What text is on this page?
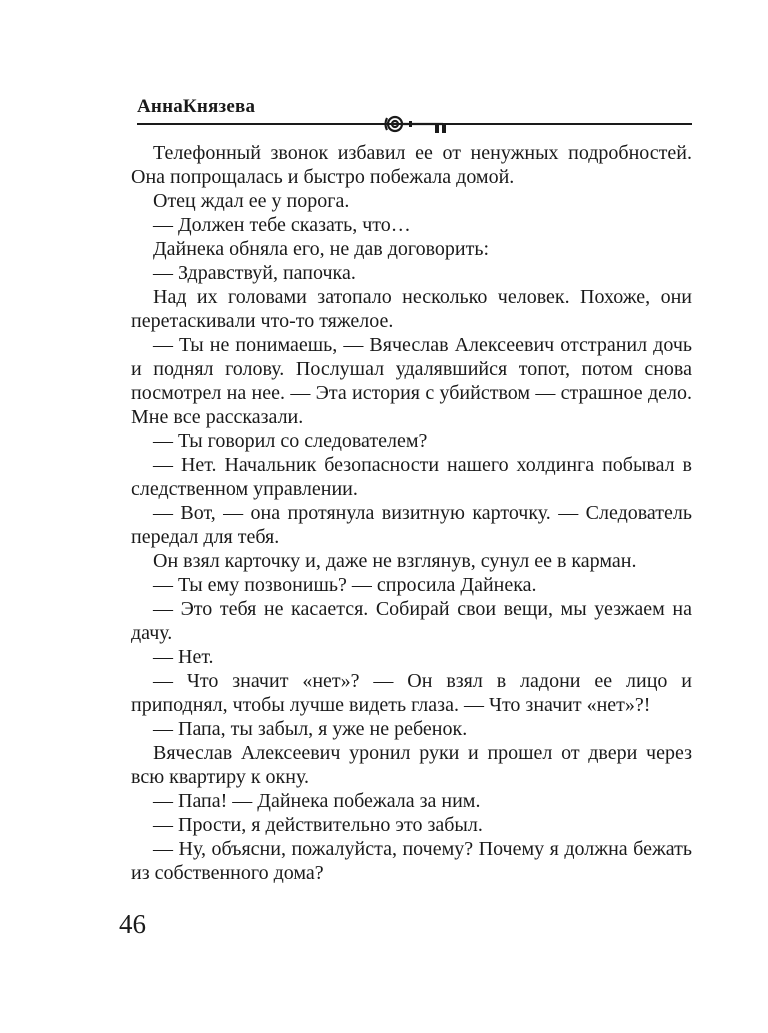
АннаКнязева

Телефонный звонок избавил ее от ненужных подробностей. Она попрощалась и быстро побежала домой.

Отец ждал ее у порога.

— Должен тебе сказать, что…

Дайнека обняла его, не дав договорить:

— Здравствуй, папочка.

Над их головами затопало несколько человек. Похоже, они перетаскивали что-то тяжелое.

— Ты не понимаешь, — Вячеслав Алексеевич отстранил дочь и поднял голову. Послушал удалявшийся топот, потом снова посмотрел на нее. — Эта история с убийством — страшное дело. Мне все рассказали.

— Ты говорил со следователем?

— Нет. Начальник безопасности нашего холдинга побывал в следственном управлении.

— Вот, — она протянула визитную карточку. — Следователь передал для тебя.

Он взял карточку и, даже не взглянув, сунул ее в карман.

— Ты ему позвонишь? — спросила Дайнека.

— Это тебя не касается. Собирай свои вещи, мы уезжаем на дачу.

— Нет.

— Что значит «нет»? — Он взял в ладони ее лицо и приподнял, чтобы лучше видеть глаза. — Что значит «нет»?!

— Папа, ты забыл, я уже не ребенок.

Вячеслав Алексеевич уронил руки и прошел от двери через всю квартиру к окну.

— Папа! — Дайнека побежала за ним.

— Прости, я действительно это забыл.

— Ну, объясни, пожалуйста, почему? Почему я должна бежать из собственного дома?

46
